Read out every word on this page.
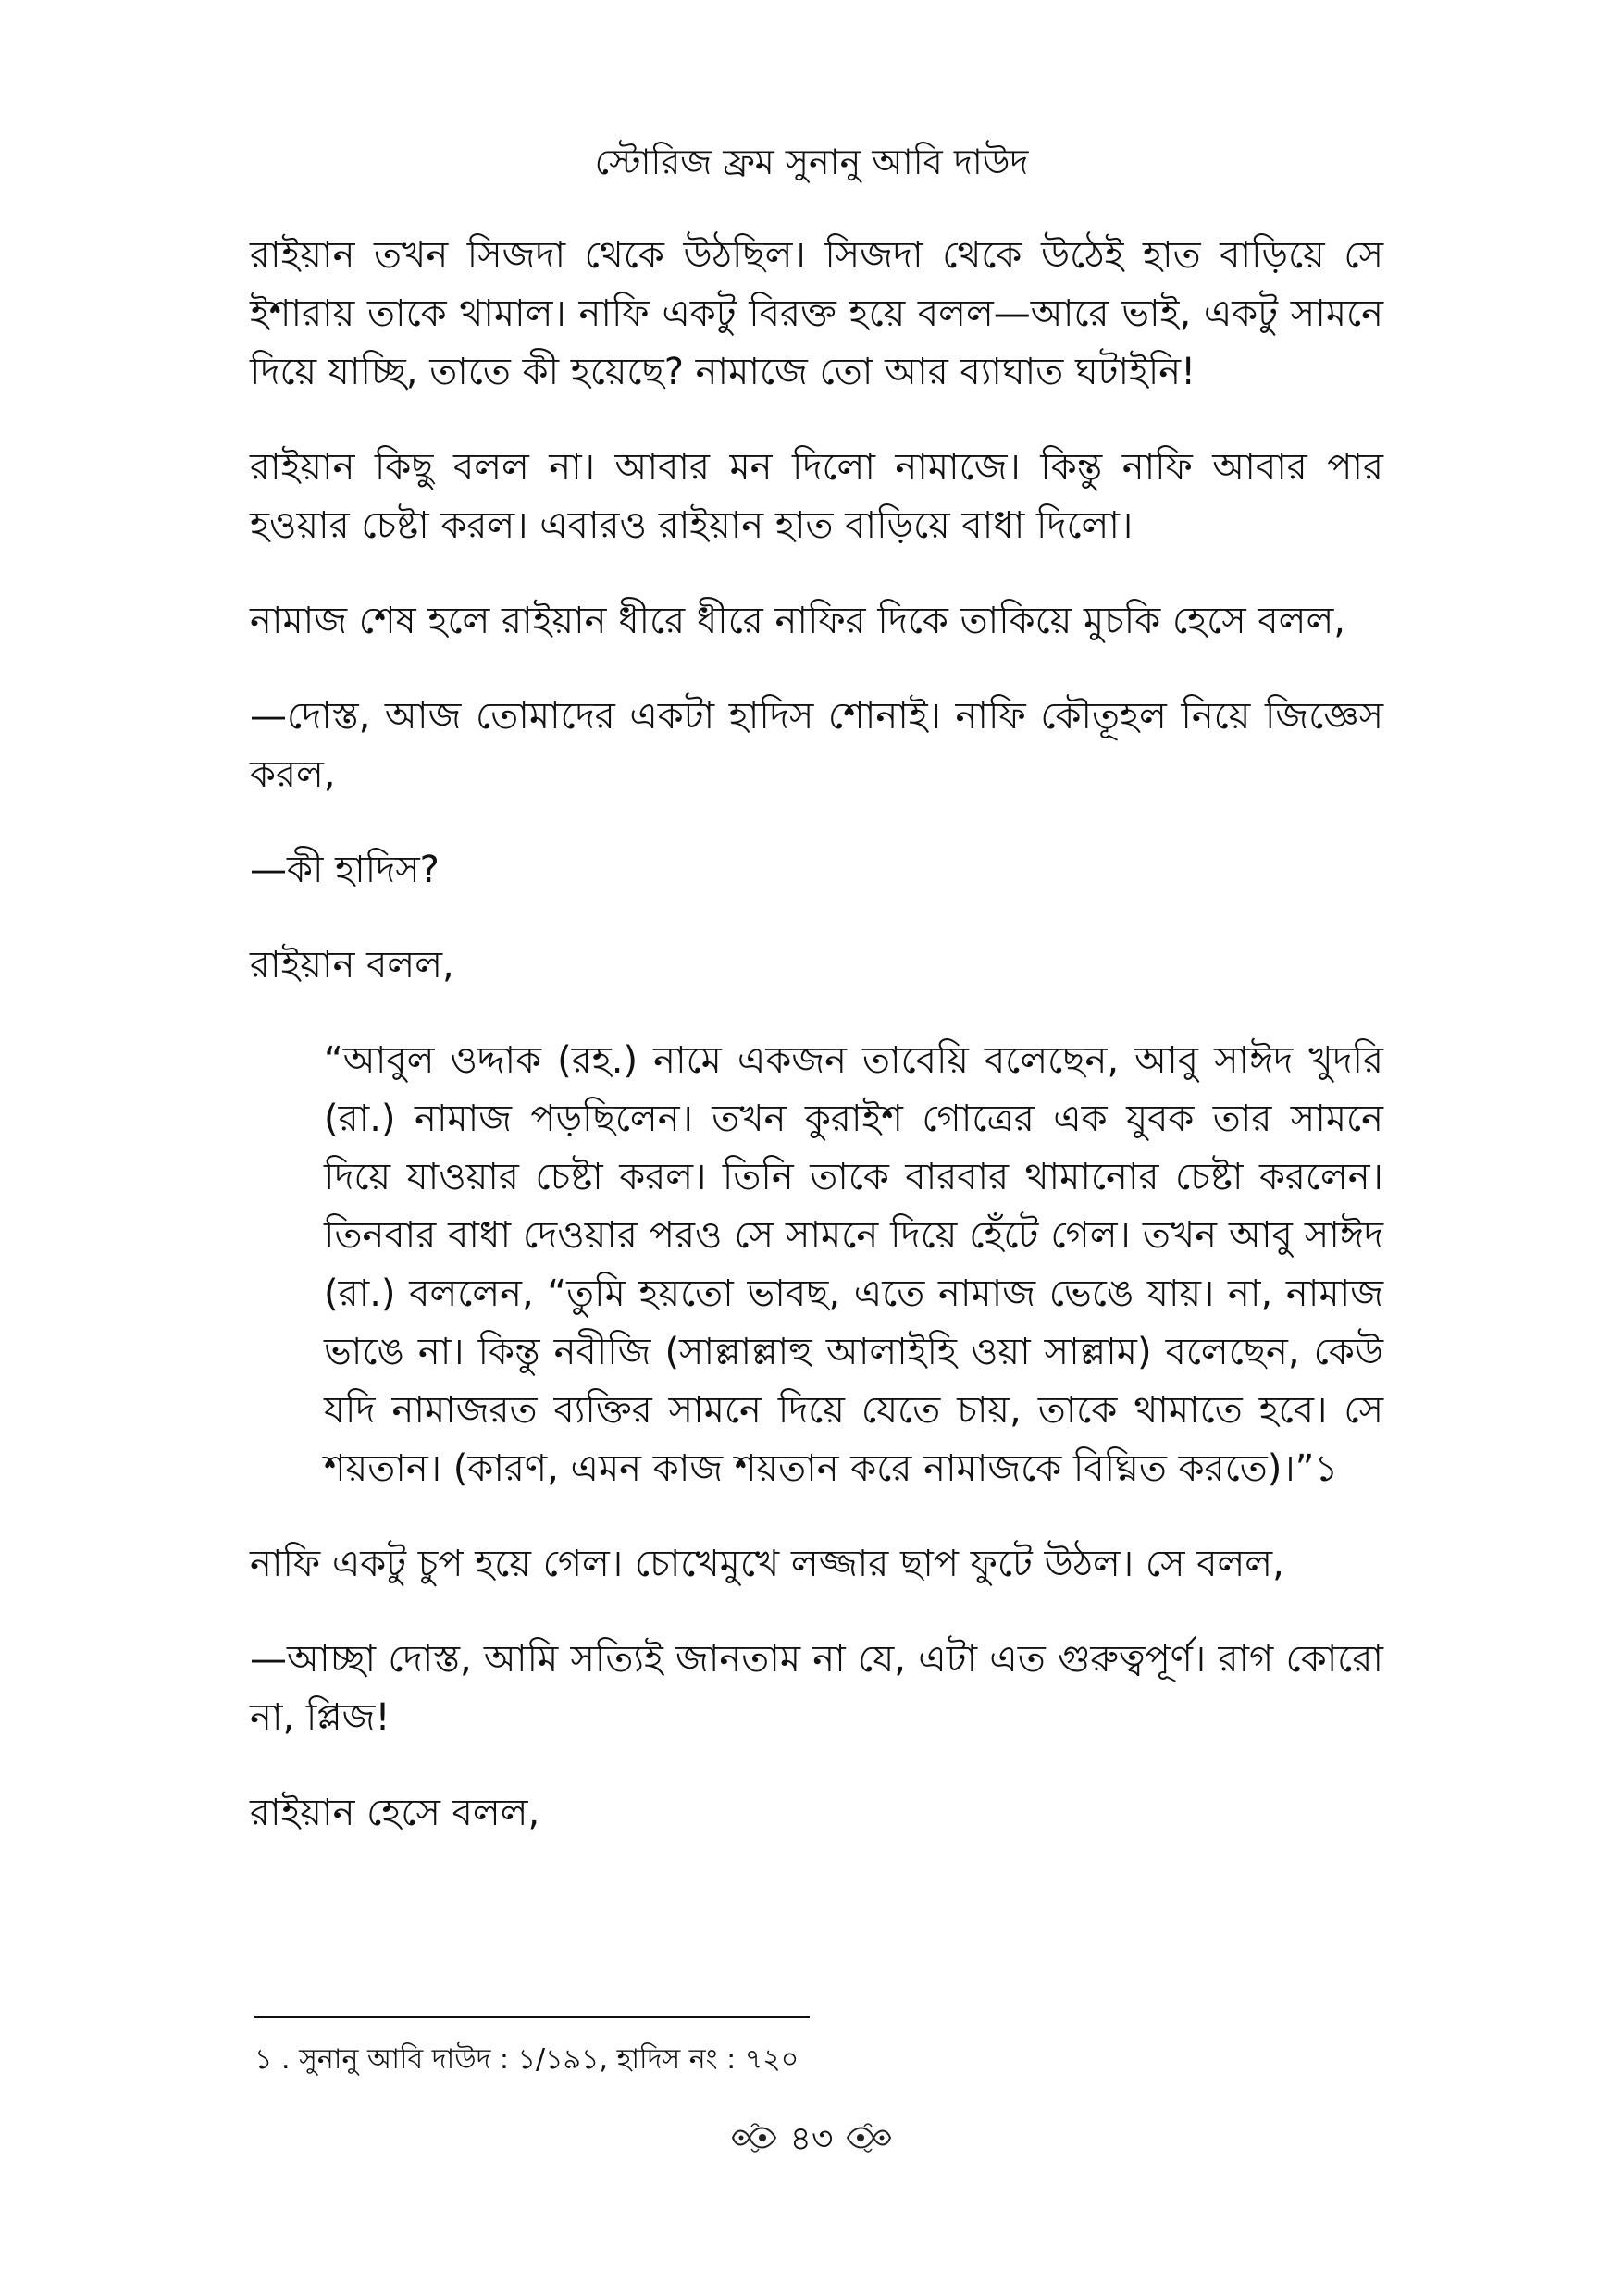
স্টোরিজ ফ্রম সুনানু আবি দাউদ

রাইয়ান তখন সিজদা থেকে উঠছিল। সিজদা থেকে উঠেই হাত বাড়িয়ে সে ইশারায় তাকে থামাল। নাফি একটু বিরক্ত হয়ে বলল—আরে ভাই, একটু সামনে দিয়ে যাচ্ছি, তাতে কী হয়েছে? নামাজে তো আর ব্যাঘাত ঘটাইনি!

রাইয়ান কিছু বলল না। আবার মন দিলো নামাজে। কিন্তু নাফি আবার পার হওয়ার চেষ্টা করল। এবারও রাইয়ান হাত বাড়িয়ে বাধা দিলো।

নামাজ শেষ হলে রাইয়ান ধীরে ধীরে নাফির দিকে তাকিয়ে মুচকি হেসে বলল,

—দোস্ত, আজ তোমাদের একটা হাদিস শোনাই। নাফি কৌতূহল নিয়ে জিজ্ঞেস করল,

—কী হাদিস?

রাইয়ান বলল,

“আবুল ওদ্দাক (রহ.) নামে একজন তাবেয়ি বলেছেন, আবু সাঈদ খুদরি (রা.) নামাজ পড়ছিলেন। তখন কুরাইশ গোত্রের এক যুবক তার সামনে দিয়ে যাওয়ার চেষ্টা করল। তিনি তাকে বারবার থামানোর চেষ্টা করলেন। তিনবার বাধা দেওয়ার পরও সে সামনে দিয়ে হেঁটে গেল। তখন আবু সাঈদ (রা.) বললেন, “তুমি হয়তো ভাবছ, এতে নামাজ ভেঙে যায়। না, নামাজ ভাঙে না। কিন্তু নবীজি (সাল্লাল্লাহু আলাইহি ওয়া সাল্লাম) বলেছেন, কেউ যদি নামাজরত ব্যক্তির সামনে দিয়ে যেতে চায়, তাকে থামাতে হবে। সে শয়তান। (কারণ, এমন কাজ শয়তান করে নামাজকে বিঘ্নিত করতে)।”১

নাফি একটু চুপ হয়ে গেল। চোখেমুখে লজ্জার ছাপ ফুটে উঠল। সে বলল,

—আচ্ছা দোস্ত, আমি সত্যিই জানতাম না যে, এটা এত গুরুত্বপূর্ণ। রাগ কোরো না, প্লিজ!

রাইয়ান হেসে বলল,

১ . সুনানু আবি দাউদ : ১/১৯১, হাদিস নং : ৭২০
৪৩
